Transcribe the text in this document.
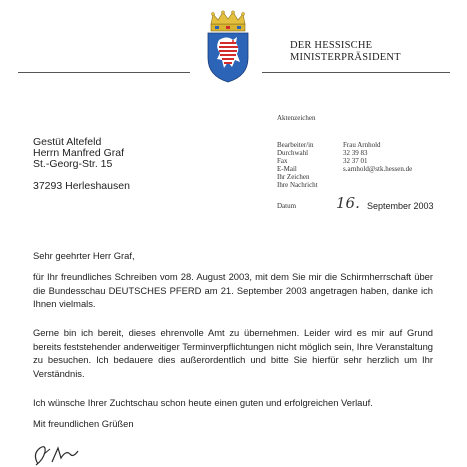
DER HESSISCHE
MINISTERPRÄSIDENT
Gestüt Altefeld
Herrn Manfred Graf
St.-Georg-Str. 15
37293 Herleshausen
Aktenzeichen
Bearbeiter/in	Frau Arnhold
Durchwahl	32 39 83
Fax	32 37 01
E-Mail	s.arnhold@stk.hessen.de
Ihr Zeichen
Ihre Nachricht
Datum	16. September 2003
Sehr geehrter Herr Graf,
für Ihr freundliches Schreiben vom 28. August 2003, mit dem Sie mir die Schirmherrschaft über die Bundesschau DEUTSCHES PFERD am 21. September 2003 angetragen haben, danke ich Ihnen vielmals.
Gerne bin ich bereit, dieses ehrenvolle Amt zu übernehmen. Leider wird es mir auf Grund bereits feststehender anderweitiger Terminverpflichtungen nicht möglich sein, Ihre Veranstaltung zu besuchen. Ich bedauere dies außerordentlich und bitte Sie hierfür sehr herzlich um Ihr Verständnis.
Ich wünsche Ihrer Zuchtschau schon heute einen guten und erfolgreichen Verlauf.
Mit freundlichen Grüßen
